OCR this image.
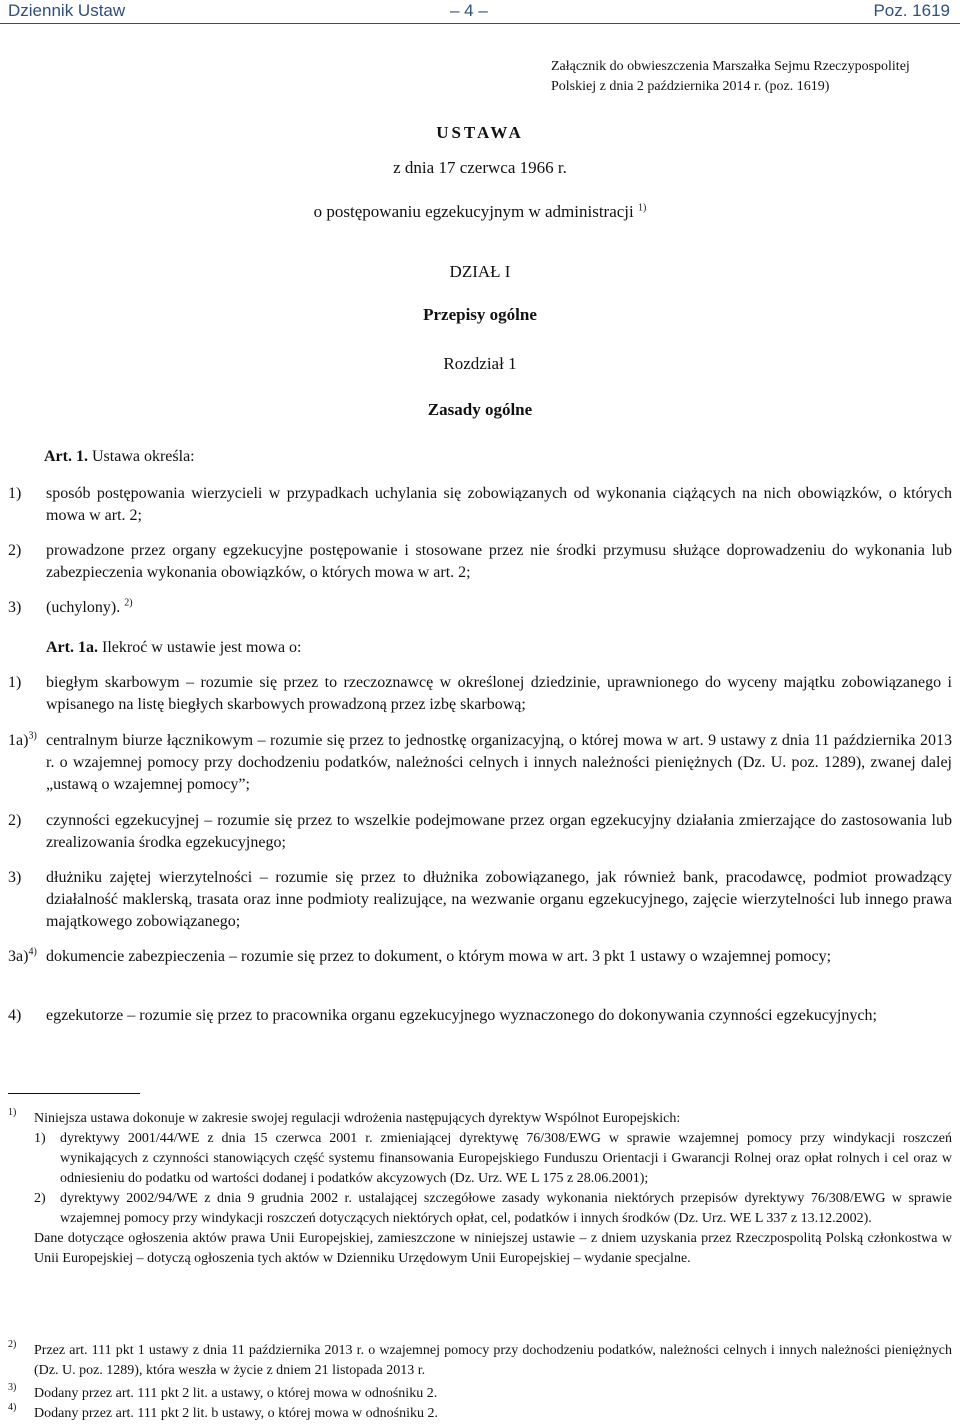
Dziennik Ustaw	– 4 –	Poz. 1619
Załącznik do obwieszczenia Marszałka Sejmu Rzeczypospolitej Polskiej z dnia 2 października 2014 r. (poz. 1619)
USTAWA
z dnia 17 czerwca 1966 r.
o postępowaniu egzekucyjnym w administracji $^{1)}$
DZIAŁ I
Przepisy ogólne
Rozdział 1
Zasady ogólne
Art. 1. Ustawa określa:
1) sposób postępowania wierzycieli w przypadkach uchylania się zobowiązanych od wykonania ciążących na nich obowiązków, o których mowa w art. 2;
2) prowadzone przez organy egzekucyjne postępowanie i stosowane przez nie środki przymusu służące doprowadzeniu do wykonania lub zabezpieczenia wykonania obowiązków, o których mowa w art. 2;
3) (uchylony). $^{2)}$
Art. 1a. Ilekroć w ustawie jest mowa o:
1) biegłym skarbowym – rozumie się przez to rzeczoznawcę w określonej dziedzinie, uprawnionego do wyceny majątku zobowiązanego i wpisanego na listę biegłych skarbowych prowadzoną przez izbę skarbową;
1a)$^{3)}$ centralnym biurze łącznikowym – rozumie się przez to jednostkę organizacyjną, o której mowa w art. 9 ustawy z dnia 11 października 2013 r. o wzajemnej pomocy przy dochodzeniu podatków, należności celnych i innych należności pieniężnych (Dz. U. poz. 1289), zwanej dalej „ustawą o wzajemnej pomocy”;
2) czynności egzekucyjnej – rozumie się przez to wszelkie podejmowane przez organ egzekucyjny działania zmierzające do zastosowania lub zrealizowania środka egzekucyjnego;
3) dłużniku zajętej wierzytelności – rozumie się przez to dłużnika zobowiązanego, jak również bank, pracodawcę, podmiot prowadzący działalność maklerską, trasata oraz inne podmioty realizujące, na wezwanie organu egzekucyjnego, zajęcie wierzytelności lub innego prawa majątkowego zobowiązanego;
3a)$^{4)}$ dokumencie zabezpieczenia – rozumie się przez to dokument, o którym mowa w art. 3 pkt 1 ustawy o wzajemnej pomocy;
4) egzekutorze – rozumie się przez to pracownika organu egzekucyjnego wyznaczonego do dokonywania czynności egzekucyjnych;
1) Niniejsza ustawa dokonuje w zakresie swojej regulacji wdrożenia następujących dyrektyw Wspólnot Europejskich:
1) dyrektywy 2001/44/WE z dnia 15 czerwca 2001 r. zmieniającej dyrektywę 76/308/EWG w sprawie wzajemnej pomocy przy windykacji roszczeń wynikających z czynności stanowiących część systemu finansowania Europejskiego Funduszu Orientacji i Gwarancji Rolnej oraz opłat rolnych i cel oraz w odniesieniu do podatku od wartości dodanej i podatków akcyzowych (Dz. Urz. WE L 175 z 28.06.2001);
2) dyrektywy 2002/94/WE z dnia 9 grudnia 2002 r. ustalającej szczegółowe zasady wykonania niektórych przepisów dyrektywy 76/308/EWG w sprawie wzajemnej pomocy przy windykacji roszczeń dotyczących niektórych opłat, cel, podatków i innych środków (Dz. Urz. WE L 337 z 13.12.2002).
Dane dotyczące ogłoszenia aktów prawa Unii Europejskiej, zamieszczone w niniejszej ustawie – z dniem uzyskania przez Rzeczpospolitą Polską członkostwa w Unii Europejskiej – dotyczą ogłoszenia tych aktów w Dzienniku Urzędowym Unii Europejskiej – wydanie specjalne.
2) Przez art. 111 pkt 1 ustawy z dnia 11 października 2013 r. o wzajemnej pomocy przy dochodzeniu podatków, należności celnych i innych należności pieniężnych (Dz. U. poz. 1289), która weszła w życie z dniem 21 listopada 2013 r.
3) Dodany przez art. 111 pkt 2 lit. a ustawy, o której mowa w odnośniku 2.
4) Dodany przez art. 111 pkt 2 lit. b ustawy, o której mowa w odnośniku 2.
